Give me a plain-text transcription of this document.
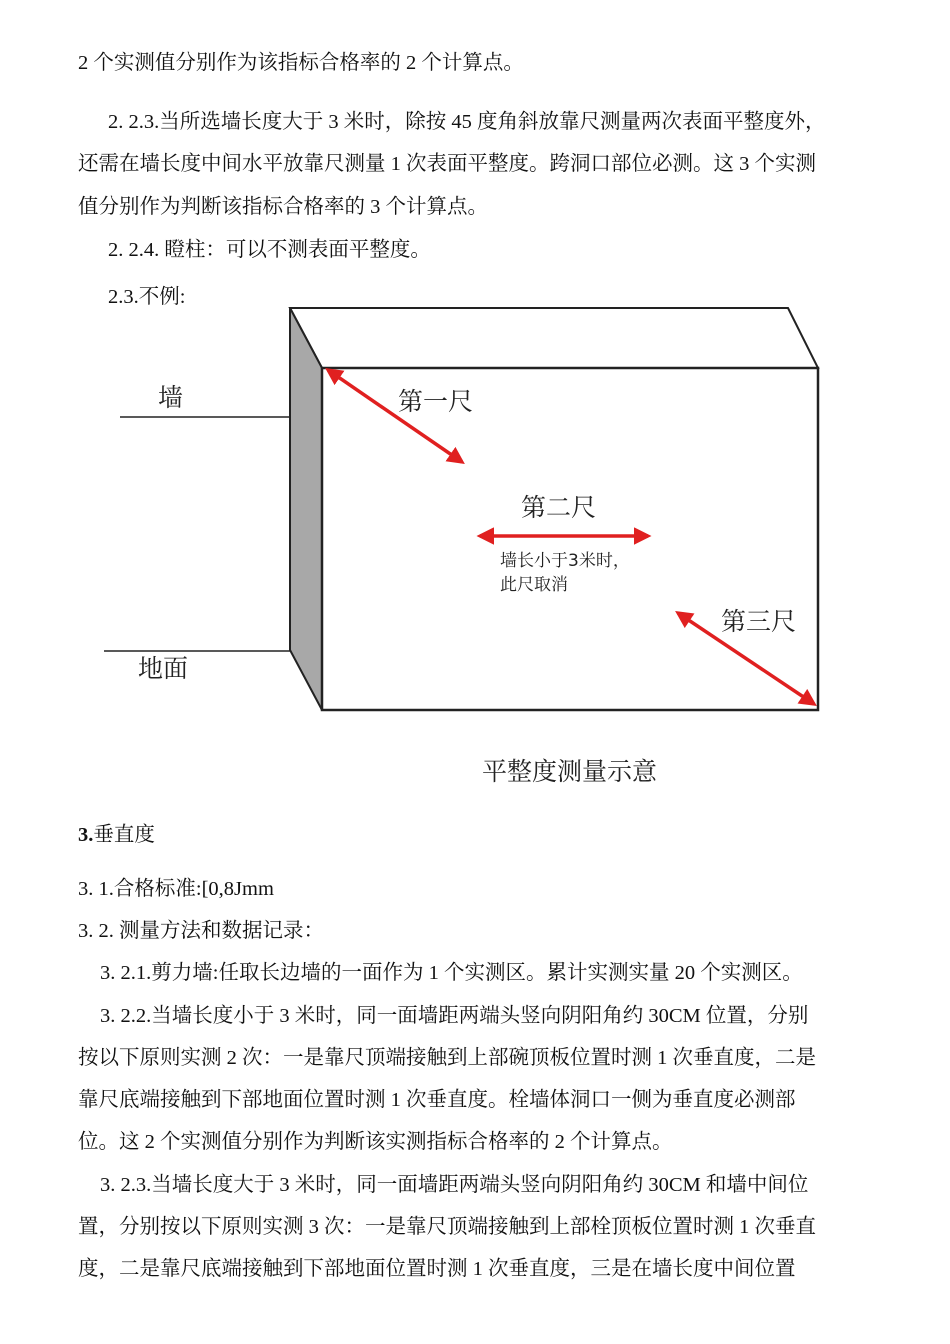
2 个实测值分别作为该指标合格率的 2 个计算点。
2. 2.3.当所选墙长度大于 3 米时，除按 45 度角斜放靠尺测量两次表面平整度外，
还需在墙长度中间水平放靠尺测量 1 次表面平整度。跨洞口部位必测。这 3 个实测
值分别作为判断该指标合格率的 3 个计算点。
2. 2.4. 瞪柱：可以不测表面平整度。
2.3.不例:
墙
地面
第一尺
第二尺
墙长小于3米时，
此尺取消
第三尺
平整度测量示意
3.垂直度
3. 1.合格标准:[0,8Jmm
3. 2. 测量方法和数据记录：
3. 2.1.剪力墙:任取长边墙的一面作为 1 个实测区。累计实测实量 20 个实测区。
3. 2.2.当墙长度小于 3 米时，同一面墙距两端头竖向阴阳角约 30CM 位置，分别
按以下原则实测 2 次：一是靠尺顶端接触到上部碗顶板位置时测 1 次垂直度，二是
靠尺底端接触到下部地面位置时测 1 次垂直度。栓墙体洞口一侧为垂直度必测部
位。这 2 个实测值分别作为判断该实测指标合格率的 2 个计算点。
3. 2.3.当墙长度大于 3 米时，同一面墙距两端头竖向阴阳角约 30CM 和墙中间位
置，分别按以下原则实测 3 次：一是靠尺顶端接触到上部栓顶板位置时测 1 次垂直
度，二是靠尺底端接触到下部地面位置时测 1 次垂直度，三是在墙长度中间位置
